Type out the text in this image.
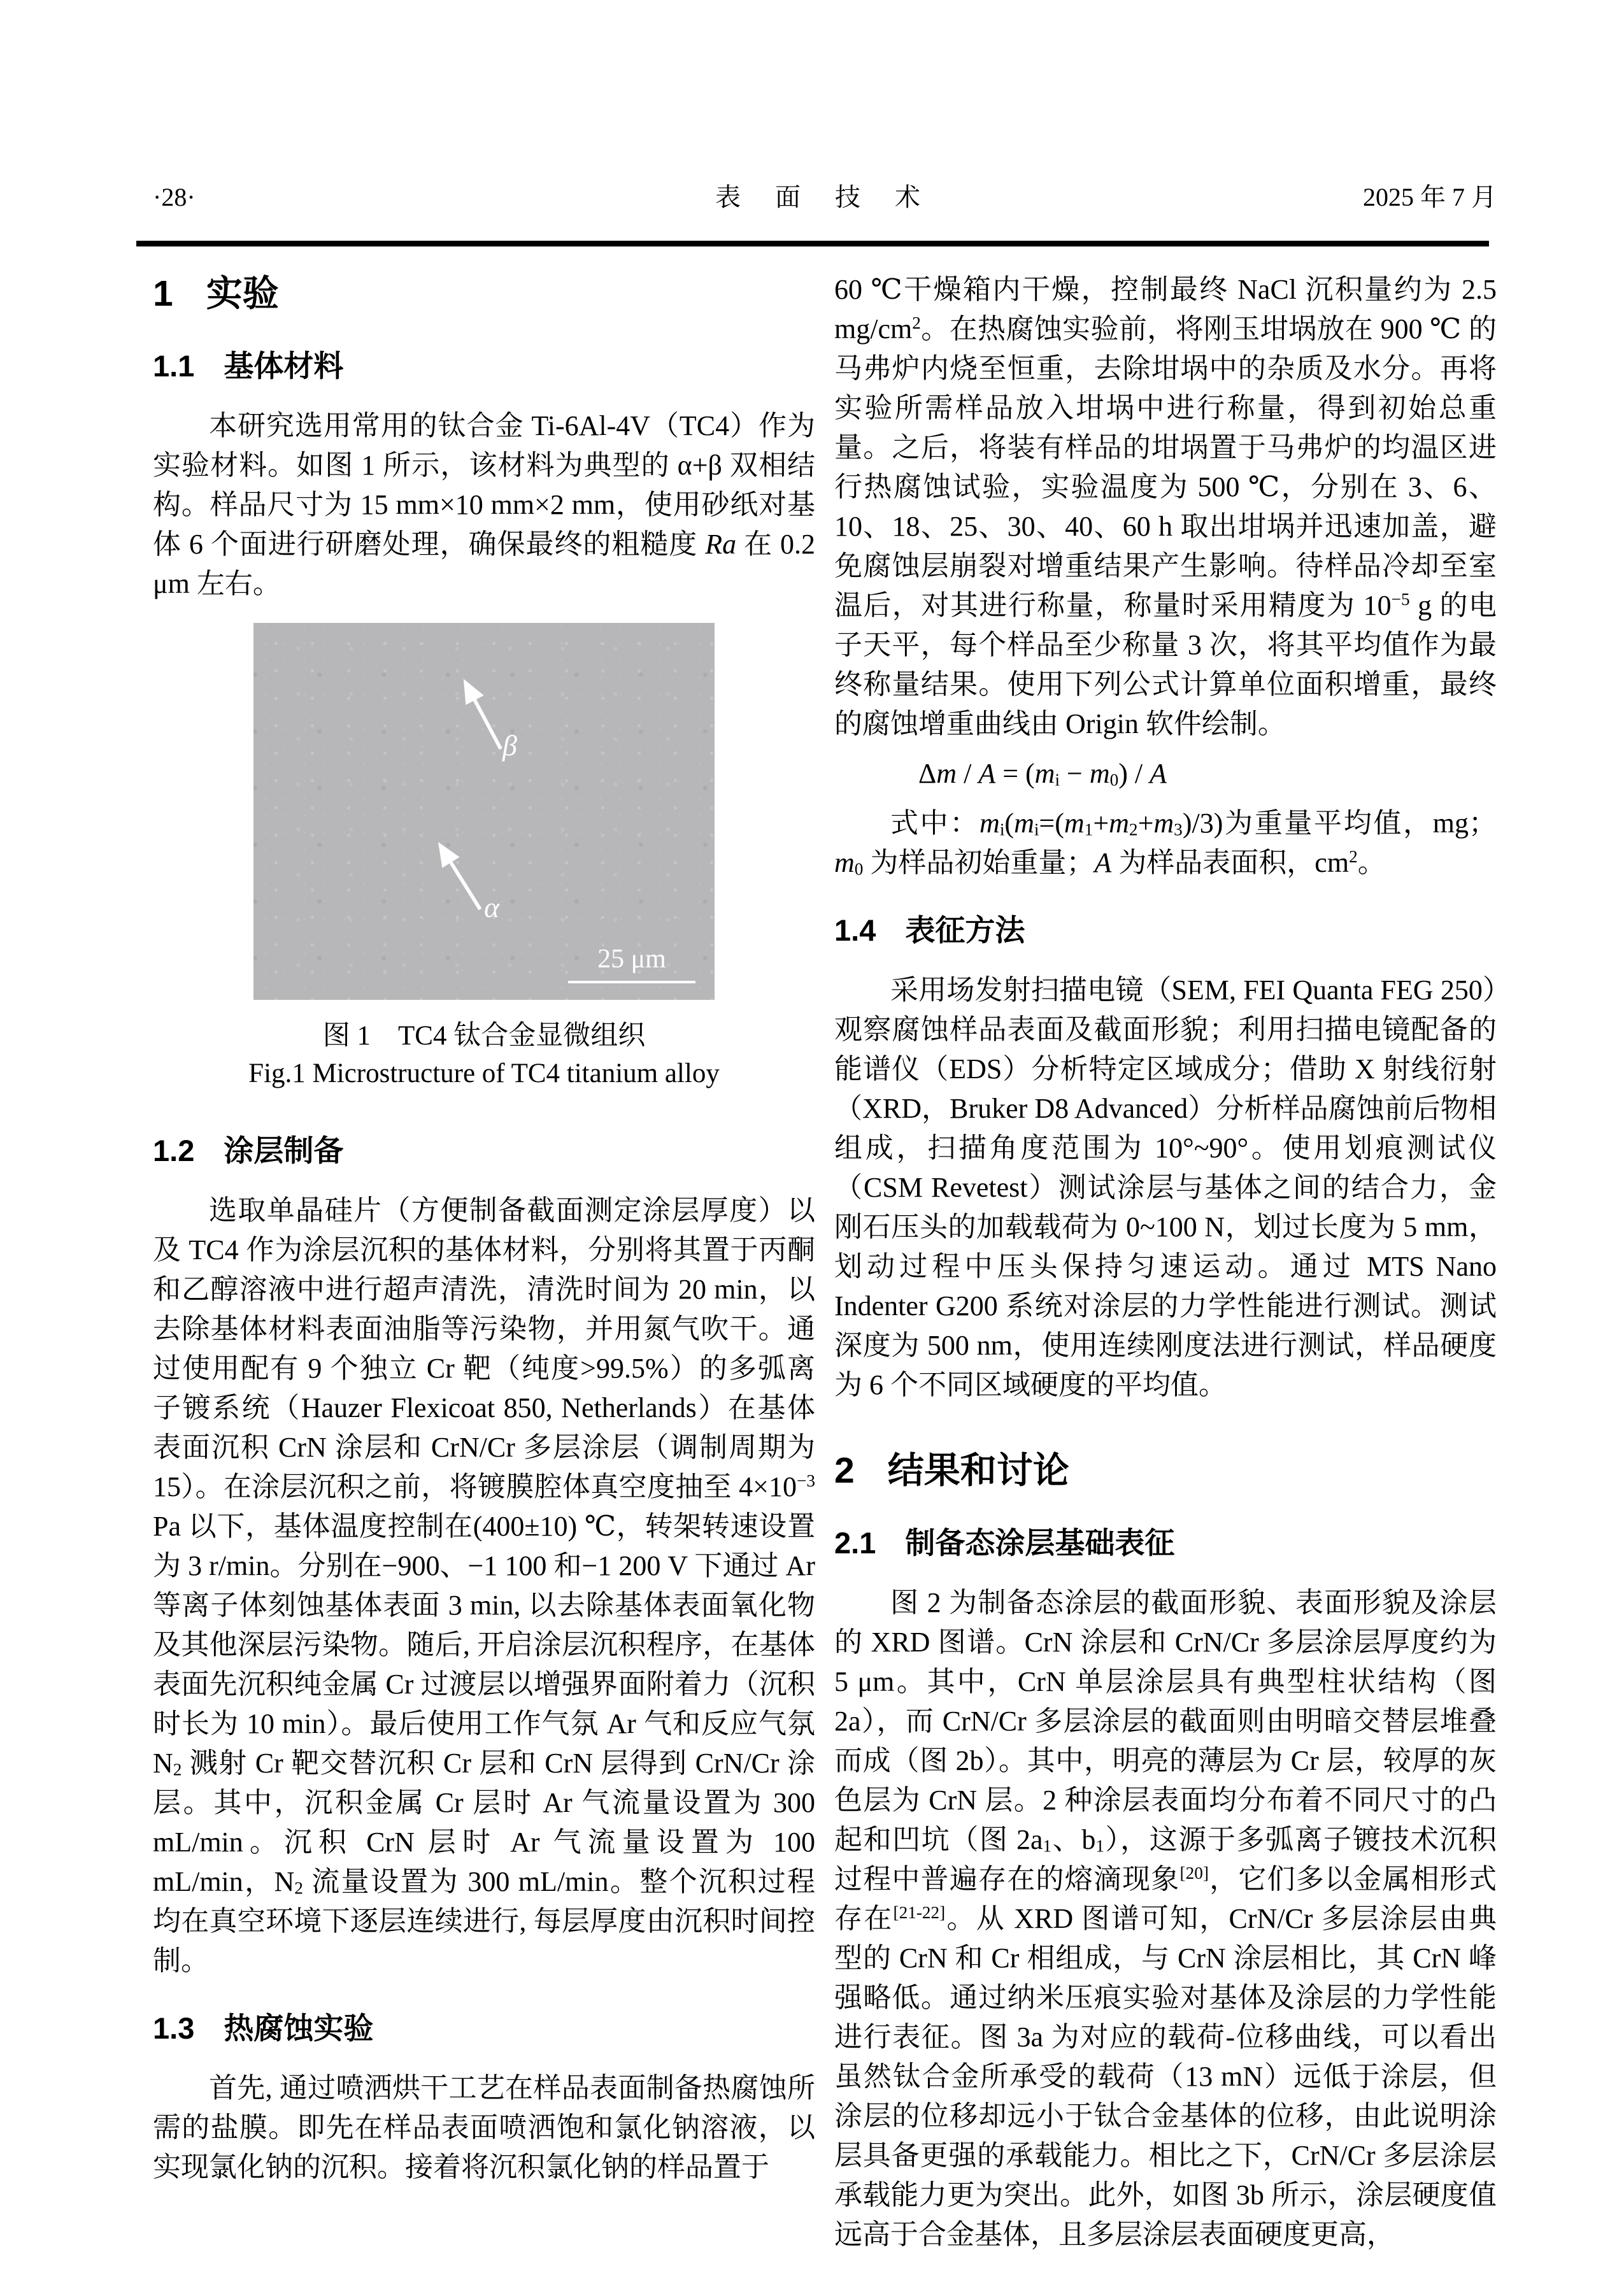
·28·	表 面 技 术	2025 年 7 月
1 实验
1.1 基体材料

本研究选用常用的钛合金 Ti-6Al-4V（TC4）作为实验材料。如图 1 所示，该材料为典型的 α+β 双相结构。样品尺寸为 15 mm×10 mm×2 mm，使用砂纸对基体 6 个面进行研磨处理，确保最终的粗糙度 Ra 在 0.2 μm 左右。

β
α
25 μm
图 1　TC4 钛合金显微组织
Fig.1 Microstructure of TC4 titanium alloy
1.2 涂层制备

选取单晶硅片（方便制备截面测定涂层厚度）以及 TC4 作为涂层沉积的基体材料，分别将其置于丙酮和乙醇溶液中进行超声清洗，清洗时间为 20 min，以去除基体材料表面油脂等污染物，并用氮气吹干。通过使用配有 9 个独立 Cr 靶（纯度>99.5%）的多弧离子镀系统（Hauzer Flexicoat 850, Netherlands）在基体表面沉积 CrN 涂层和 CrN/Cr 多层涂层（调制周期为 15）。在涂层沉积之前，将镀膜腔体真空度抽至 $4\times 10^{-3}$ Pa 以下，基体温度控制在(400±10) ℃，转架转速设置为 3 r/min。分别在−900、−1 100 和−1 200 V 下通过 Ar 等离子体刻蚀基体表面 3 min, 以去除基体表面氧化物及其他深层污染物。随后, 开启涂层沉积程序，在基体表面先沉积纯金属 Cr 过渡层以增强界面附着力（沉积时长为 10 min）。最后使用工作气氛 Ar 气和反应气氛 $N_2$ 溅射 Cr 靶交替沉积 Cr 层和 CrN 层得到 CrN/Cr 涂层。其中，沉积金属 Cr 层时 Ar 气流量设置为 300 mL/min。沉积 CrN 层时 Ar 气流量设置为 100 mL/min，$N_2$ 流量设置为 300 mL/min。整个沉积过程均在真空环境下逐层连续进行, 每层厚度由沉积时间控制。

1.3 热腐蚀实验

首先, 通过喷洒烘干工艺在样品表面制备热腐蚀所需的盐膜。即先在样品表面喷洒饱和氯化钠溶液，以实现氯化钠的沉积。接着将沉积氯化钠的样品置于

60 ℃干燥箱内干燥，控制最终 NaCl 沉积量约为 2.5 $mg/cm^2$。在热腐蚀实验前，将刚玉坩埚放在 900 ℃ 的马弗炉内烧至恒重，去除坩埚中的杂质及水分。再将实验所需样品放入坩埚中进行称量，得到初始总重量。之后，将装有样品的坩埚置于马弗炉的均温区进行热腐蚀试验，实验温度为 500 ℃，分别在 3、6、10、18、25、30、40、60 h 取出坩埚并迅速加盖，避免腐蚀层崩裂对增重结果产生影响。待样品冷却至室温后，对其进行称量，称量时采用精度为 $10^{-5}$ g 的电子天平，每个样品至少称量 3 次，将其平均值作为最终称量结果。使用下列公式计算单位面积增重，最终的腐蚀增重曲线由 Origin 软件绘制。

$\Delta m / A = (m_i - m_0) / A$

式中：$m_i(m_i=(m_1+m_2+m_3)/3)$为重量平均值，mg；$m_0$ 为样品初始重量；A 为样品表面积，$cm^2$。

1.4 表征方法

采用场发射扫描电镜（SEM, FEI Quanta FEG 250）观察腐蚀样品表面及截面形貌；利用扫描电镜配备的能谱仪（EDS）分析特定区域成分；借助 X 射线衍射（XRD，Bruker D8 Advanced）分析样品腐蚀前后物相组成，扫描角度范围为 10°~90°。使用划痕测试仪（CSM Revetest）测试涂层与基体之间的结合力，金刚石压头的加载载荷为 0~100 N，划过长度为 5 mm，划动过程中压头保持匀速运动。通过 MTS Nano Indenter G200 系统对涂层的力学性能进行测试。测试深度为 500 nm，使用连续刚度法进行测试，样品硬度为 6 个不同区域硬度的平均值。

2 结果和讨论
2.1 制备态涂层基础表征

图 2 为制备态涂层的截面形貌、表面形貌及涂层的 XRD 图谱。CrN 涂层和 CrN/Cr 多层涂层厚度约为 5 μm。其中，CrN 单层涂层具有典型柱状结构（图 2a），而 CrN/Cr 多层涂层的截面则由明暗交替层堆叠而成（图 2b）。其中，明亮的薄层为 Cr 层，较厚的灰色层为 CrN 层。2 种涂层表面均分布着不同尺寸的凸起和凹坑（图 $2a_1$、$b_1$），这源于多弧离子镀技术沉积过程中普遍存在的熔滴现象[20]，它们多以金属相形式存在[21-22]。从 XRD 图谱可知，CrN/Cr 多层涂层由典型的 CrN 和 Cr 相组成，与 CrN 涂层相比，其 CrN 峰强略低。通过纳米压痕实验对基体及涂层的力学性能进行表征。图 3a 为对应的载荷-位移曲线，可以看出虽然钛合金所承受的载荷（13 mN）远低于涂层，但涂层的位移却远小于钛合金基体的位移，由此说明涂层具备更强的承载能力。相比之下，CrN/Cr 多层涂层承载能力更为突出。此外，如图 3b 所示，涂层硬度值远高于合金基体，且多层涂层表面硬度更高，
